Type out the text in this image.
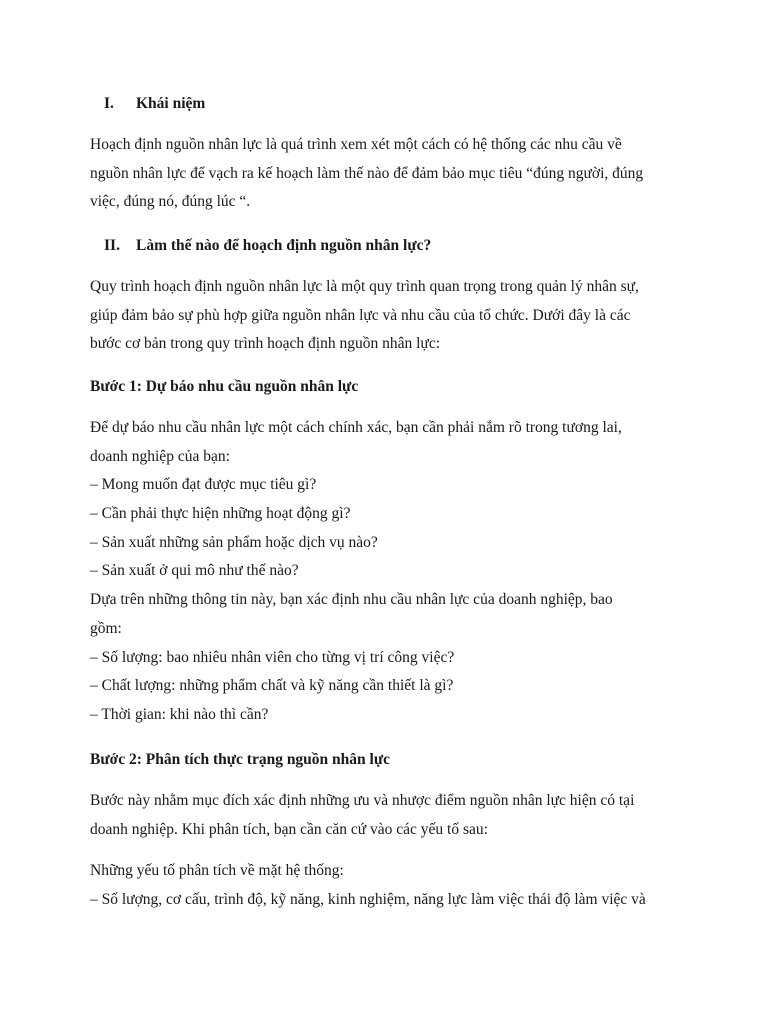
I. Khái niệm
Hoạch định nguồn nhân lực là quá trình xem xét một cách có hệ thống các nhu cầu về
nguồn nhân lực để vạch ra kế hoạch làm thế nào để đảm bảo mục tiêu “đúng người, đúng
việc, đúng nó, đúng lúc “.
II. Làm thế nào để hoạch định nguồn nhân lực?
Quy trình hoạch định nguồn nhân lực là một quy trình quan trọng trong quản lý nhân sự,
giúp đảm bảo sự phù hợp giữa nguồn nhân lực và nhu cầu của tổ chức. Dưới đây là các
bước cơ bản trong quy trình hoạch định nguồn nhân lực:
Bước 1: Dự báo nhu cầu nguồn nhân lực
Để dự báo nhu cầu nhân lực một cách chính xác, bạn cần phải nắm rõ trong tương lai,
doanh nghiệp của bạn:
– Mong muốn đạt được mục tiêu gì?
– Cần phải thực hiện những hoạt động gì?
– Sản xuất những sản phẩm hoặc dịch vụ nào?
– Sản xuất ở qui mô như thế nào?
Dựa trên những thông tin này, bạn xác định nhu cầu nhân lực của doanh nghiệp, bao
gồm:
– Số lượng: bao nhiêu nhân viên cho từng vị trí công việc?
– Chất lượng: những phẩm chất và kỹ năng cần thiết là gì?
– Thời gian: khi nào thì cần?
Bước 2: Phân tích thực trạng nguồn nhân lực
Bước này nhằm mục đích xác định những ưu và nhược điểm nguồn nhân lực hiện có tại
doanh nghiệp. Khi phân tích, bạn cần căn cứ vào các yếu tố sau:
Những yếu tố phân tích về mặt hệ thống:
– Số lượng, cơ cấu, trình độ, kỹ năng, kinh nghiệm, năng lực làm việc thái độ làm việc và
